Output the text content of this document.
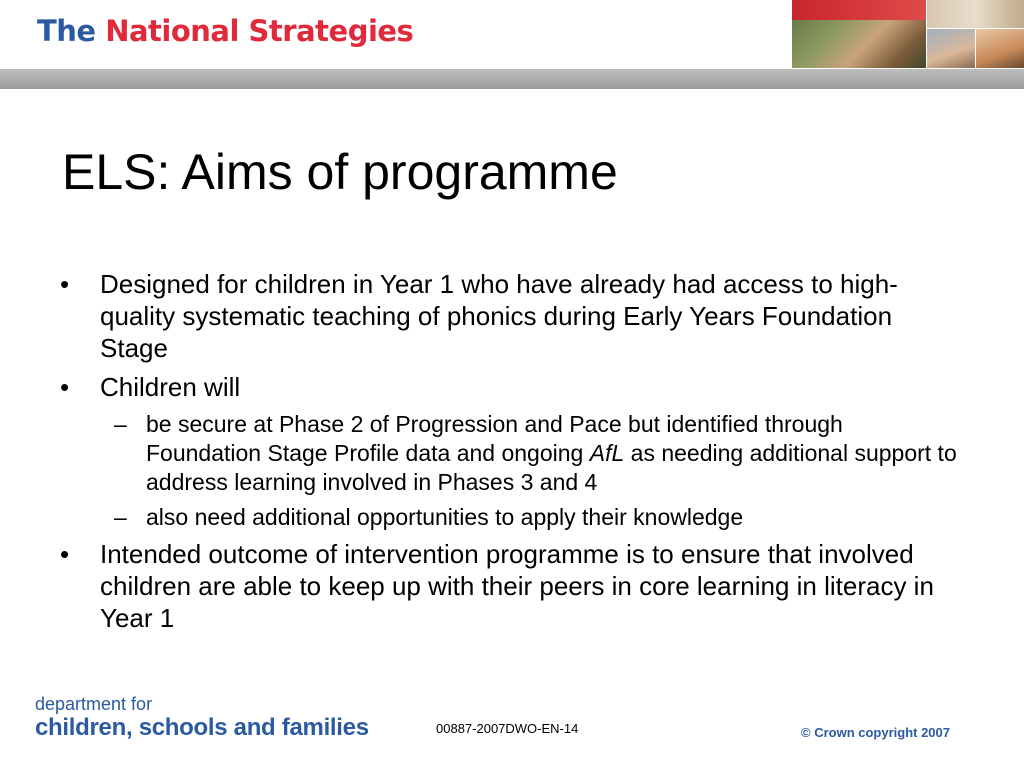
The National Strategies
ELS: Aims of programme
• Designed for children in Year 1 who have already had access to high-quality systematic teaching of phonics during Early Years Foundation Stage
• Children will
– be secure at Phase 2 of Progression and Pace but identified through Foundation Stage Profile data and ongoing AfL as needing additional support to address learning involved in Phases 3 and 4
– also need additional opportunities to apply their knowledge
• Intended outcome of intervention programme is to ensure that involved children are able to keep up with their peers in core learning in literacy in Year 1
department for
children, schools and families	00887-2007DWO-EN-14	© Crown copyright 2007
